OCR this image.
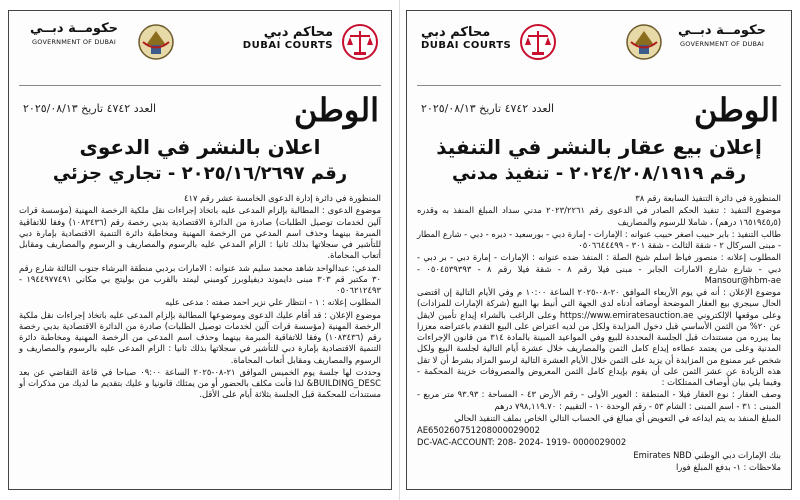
حكومــة دبــي
GOVERNMENT OF DUBAI
محاكم دبي
DUBAI COURTS
الوطن
العدد ٤٧٤٢ تاريخ ٢٠٢٥/٠٨/١٣
اعلان بالنشر في الدعوى
رقم ٢٠٢٥/١٦/٢٦٩٧ - تجاري جزئي

المنظورة في دائرة إدارة الدعوى الخامسة عشر رقم ٤١٧

موضوع الدعوى : المطالبة بإلزام المدعى عليه باتخاذ إجراءات نقل ملكية الرخصة المهنية (مؤسسة قرات آلين لخدمات توصيل الطلبات) صادرة من الدائرة الاقتصادية بدبي رخصة رقم (١٠٨٣٤٣٦) وفقا للاتفاقية المبرمة بينهما وحذف اسم المدعي من الرخصة المهنية ومخاطبة دائرة التنمية الاقتصادية بإمارة دبي للتأشير في سجلاتها بذلك ثانيا : الزام المدعي عليه بالرسوم والمصاريف و الرسوم والمصاريف ومقابل أتعاب المحاماة.

المدعي: عبدالواحد شاهد محمد سليم شد عنوانه : الامارات بردبي منطقة البرشاء جنوب الثالثة شارع رقم ٣٠ مكتبر قم ٣٠٣ مبنى دايموند ديفيلوبرز كومبني ليمتد بالقرب من بوليتج بي مكاني ١٩٤٤٩٧٧٤٩١ - ٠٥٠٦٢١٢٤٩٣

المطلوب إعلانه : ١ - انتظار علي نزير احمد صفته : مدعى عليه

موضوع الإعلان : قد أقام عليك الدعوى وموضوعها المطالبة بإلزام المدعى عليه باتخاذ إجراءات نقل ملكية الرخصة المهنية (مؤسسة قرات آلين لخدمات توصيل الطلبات) صادرة من الدائرة الاقتصادية بدبي رخصة رقم (١٠٨٣٤٣٦) وفقا للاتفاقية المبرمة بينهما وحذف اسم المدعي من الرخصة المهنية ومخاطبة دائرة التنمية الاقتصادية بإمارة دبي للتأشير في سجلاتها بذلك ثانيا : الزام المدعى عليه بالرسوم والمصاريف و الرسوم والمصاريف ومقابل أتعاب المحاماة.

وحددت لها جلسة يوم الخميس الموافق ٢١-٠٨-٢٠٢٥ الساعة ٠٩:٠٠ صباحا في قاعة التقاضي عن بعد BUILDING_DESC& لذا فأنت مكلف بالحضور أو من يمثلك قانونيا و عليك بتقديم ما لديك من مذكرات أو مستندات للمحكمة قبل الجلسة بثلاثة أيام على الأقل.

محاكم دبي
DUBAI COURTS
حكومــة دبــي
GOVERNMENT OF DUBAI
الوطن
العدد ٤٧٤٢ تاريخ ٢٠٢٥/٠٨/١٣
إعلان بيع عقار بالنشر في التنفيذ
رقم ٢٠٢٤/٢٠٨/١٩١٩ - تنفيذ مدني

المنظورة في دائرة التنفيذ السابعة رقم ٣٨

موضوع التنفيذ : تنفيذ الحكم الصادر في الدعوى رقم ٢٠٢٣/٢٢٦١ مدني سداد المبلغ المنفذ به وقدره (١٦٥١٩٤٥٫٥ درهم) ، شاملا للرسوم والمصاريف

طالب التنفيذ : بابر حبيب اصغر حبيب عنوانه : الإمارات - إمارة دبي - بورسعيد - ديره - دبي - شارع المطار - مبنى السركال ٢ - شقة الثالث - شقة ٣٠١ - ٠٥٠٦٦٤٤٤٩٩

المطلوب إعلانه : منصور فياظ اسلم شيخ الصلة : المنفذ ضده عنوانه : الإمارات - إمارة دبي - بر دبي - دبي - شارع شارع الامارات الجابر - مبنى فيلا رقم ٨ - شقة فيلا رقم ٨ - ٠٥٠٤٥٣٩٣٩٣ - Mansour@hbm-ae

موضوع الإعلان : أنه في يوم الأربعاء الموافق ٢٠-٠٨-٢٠٢٥ الساعة ١٠:٠٠ م وفي الأيام التالية إن اقتضى الحال سيجري بيع العقار الموضحة أوصافه أدناه لدى الجهة التي أنيط بها البيع (شركة الإمارات للمزادات) وعلى موقعها الإلكتروني https://www.emiratesauction.ae وعلى الراغب بالشراء إيداع تأمين لايقل عن ٢٠% من الثمن الأساسي قبل دخول المزايدة ولكل من لديه اعتراض على البيع التقدم باعتراضه معززا بما يبرره من مستندات قبل الجلسة المحددة للبيع وفي المواعيد المبينة بالمادة ٣١٤ من قانون الإجراءات المدنية وعلى من يعتمد عطاءه إيداع كامل الثمن والمصاريف خلال عشرة أيام التالية لجلسة البيع ولكل شخص غير ممنوع من المزايدة أن يزيد على الثمن خلال الأيام العشرة التالية لرسو المزاد بشرط أن لا تقل هذه الزيادة عن عشر الثمن على أن يقوم بإيداع كامل الثمن المعروض والمصروفات خزينة المحكمة - وفيما يلي بيان أوصاف الممتلكات :

وصف العقار : نوع العقار فيلا - المنطقة : العوير الأولى - رقم الأرض ٤٣ - المساحة : ٩٣.٩٣ متر مربع - المبنى : ٣١ - اسم المبنى : الشام ٥٣ - رقم الوحدة ١٠ - التقييم : ٧٩٨,١١٩.٧٠ درهم

المبلغ المنفذ به يتم ايداعه في التعويض أي مبالغ في الحساب التالي الخاص بملف التنفيذ الحالي

AE650260751208000029002

DC-VAC-ACCOUNT: 208- 2024- 1919- 0000029002

بنك الإمارات دبي الوطني Emirates NBD

ملاحظات : ١- بدفع المبلغ فورا
